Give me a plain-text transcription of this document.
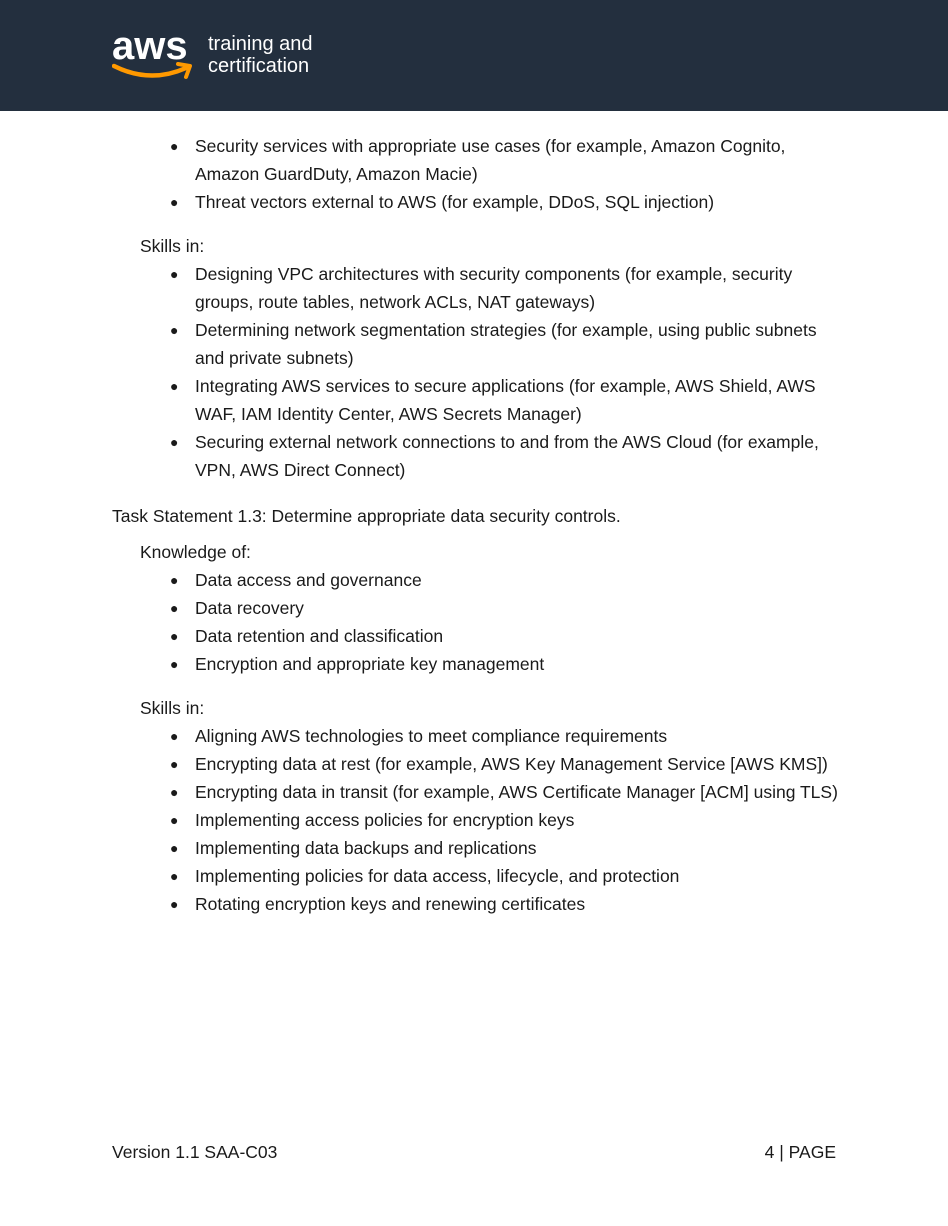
aws training and
certification
● Security services with appropriate use cases (for example, Amazon Cognito, Amazon GuardDuty, Amazon Macie)
● Threat vectors external to AWS (for example, DDoS, SQL injection)
Skills in:
● Designing VPC architectures with security components (for example, security groups, route tables, network ACLs, NAT gateways)
● Determining network segmentation strategies (for example, using public subnets and private subnets)
● Integrating AWS services to secure applications (for example, AWS Shield, AWS WAF, IAM Identity Center, AWS Secrets Manager)
● Securing external network connections to and from the AWS Cloud (for example, VPN, AWS Direct Connect)
Task Statement 1.3: Determine appropriate data security controls.
Knowledge of:
● Data access and governance
● Data recovery
● Data retention and classification
● Encryption and appropriate key management
Skills in:
● Aligning AWS technologies to meet compliance requirements
● Encrypting data at rest (for example, AWS Key Management Service [AWS KMS])
● Encrypting data in transit (for example, AWS Certificate Manager [ACM] using TLS)
● Implementing access policies for encryption keys
● Implementing data backups and replications
● Implementing policies for data access, lifecycle, and protection
● Rotating encryption keys and renewing certificates
Version 1.1 SAA-C03	4 | PAGE
